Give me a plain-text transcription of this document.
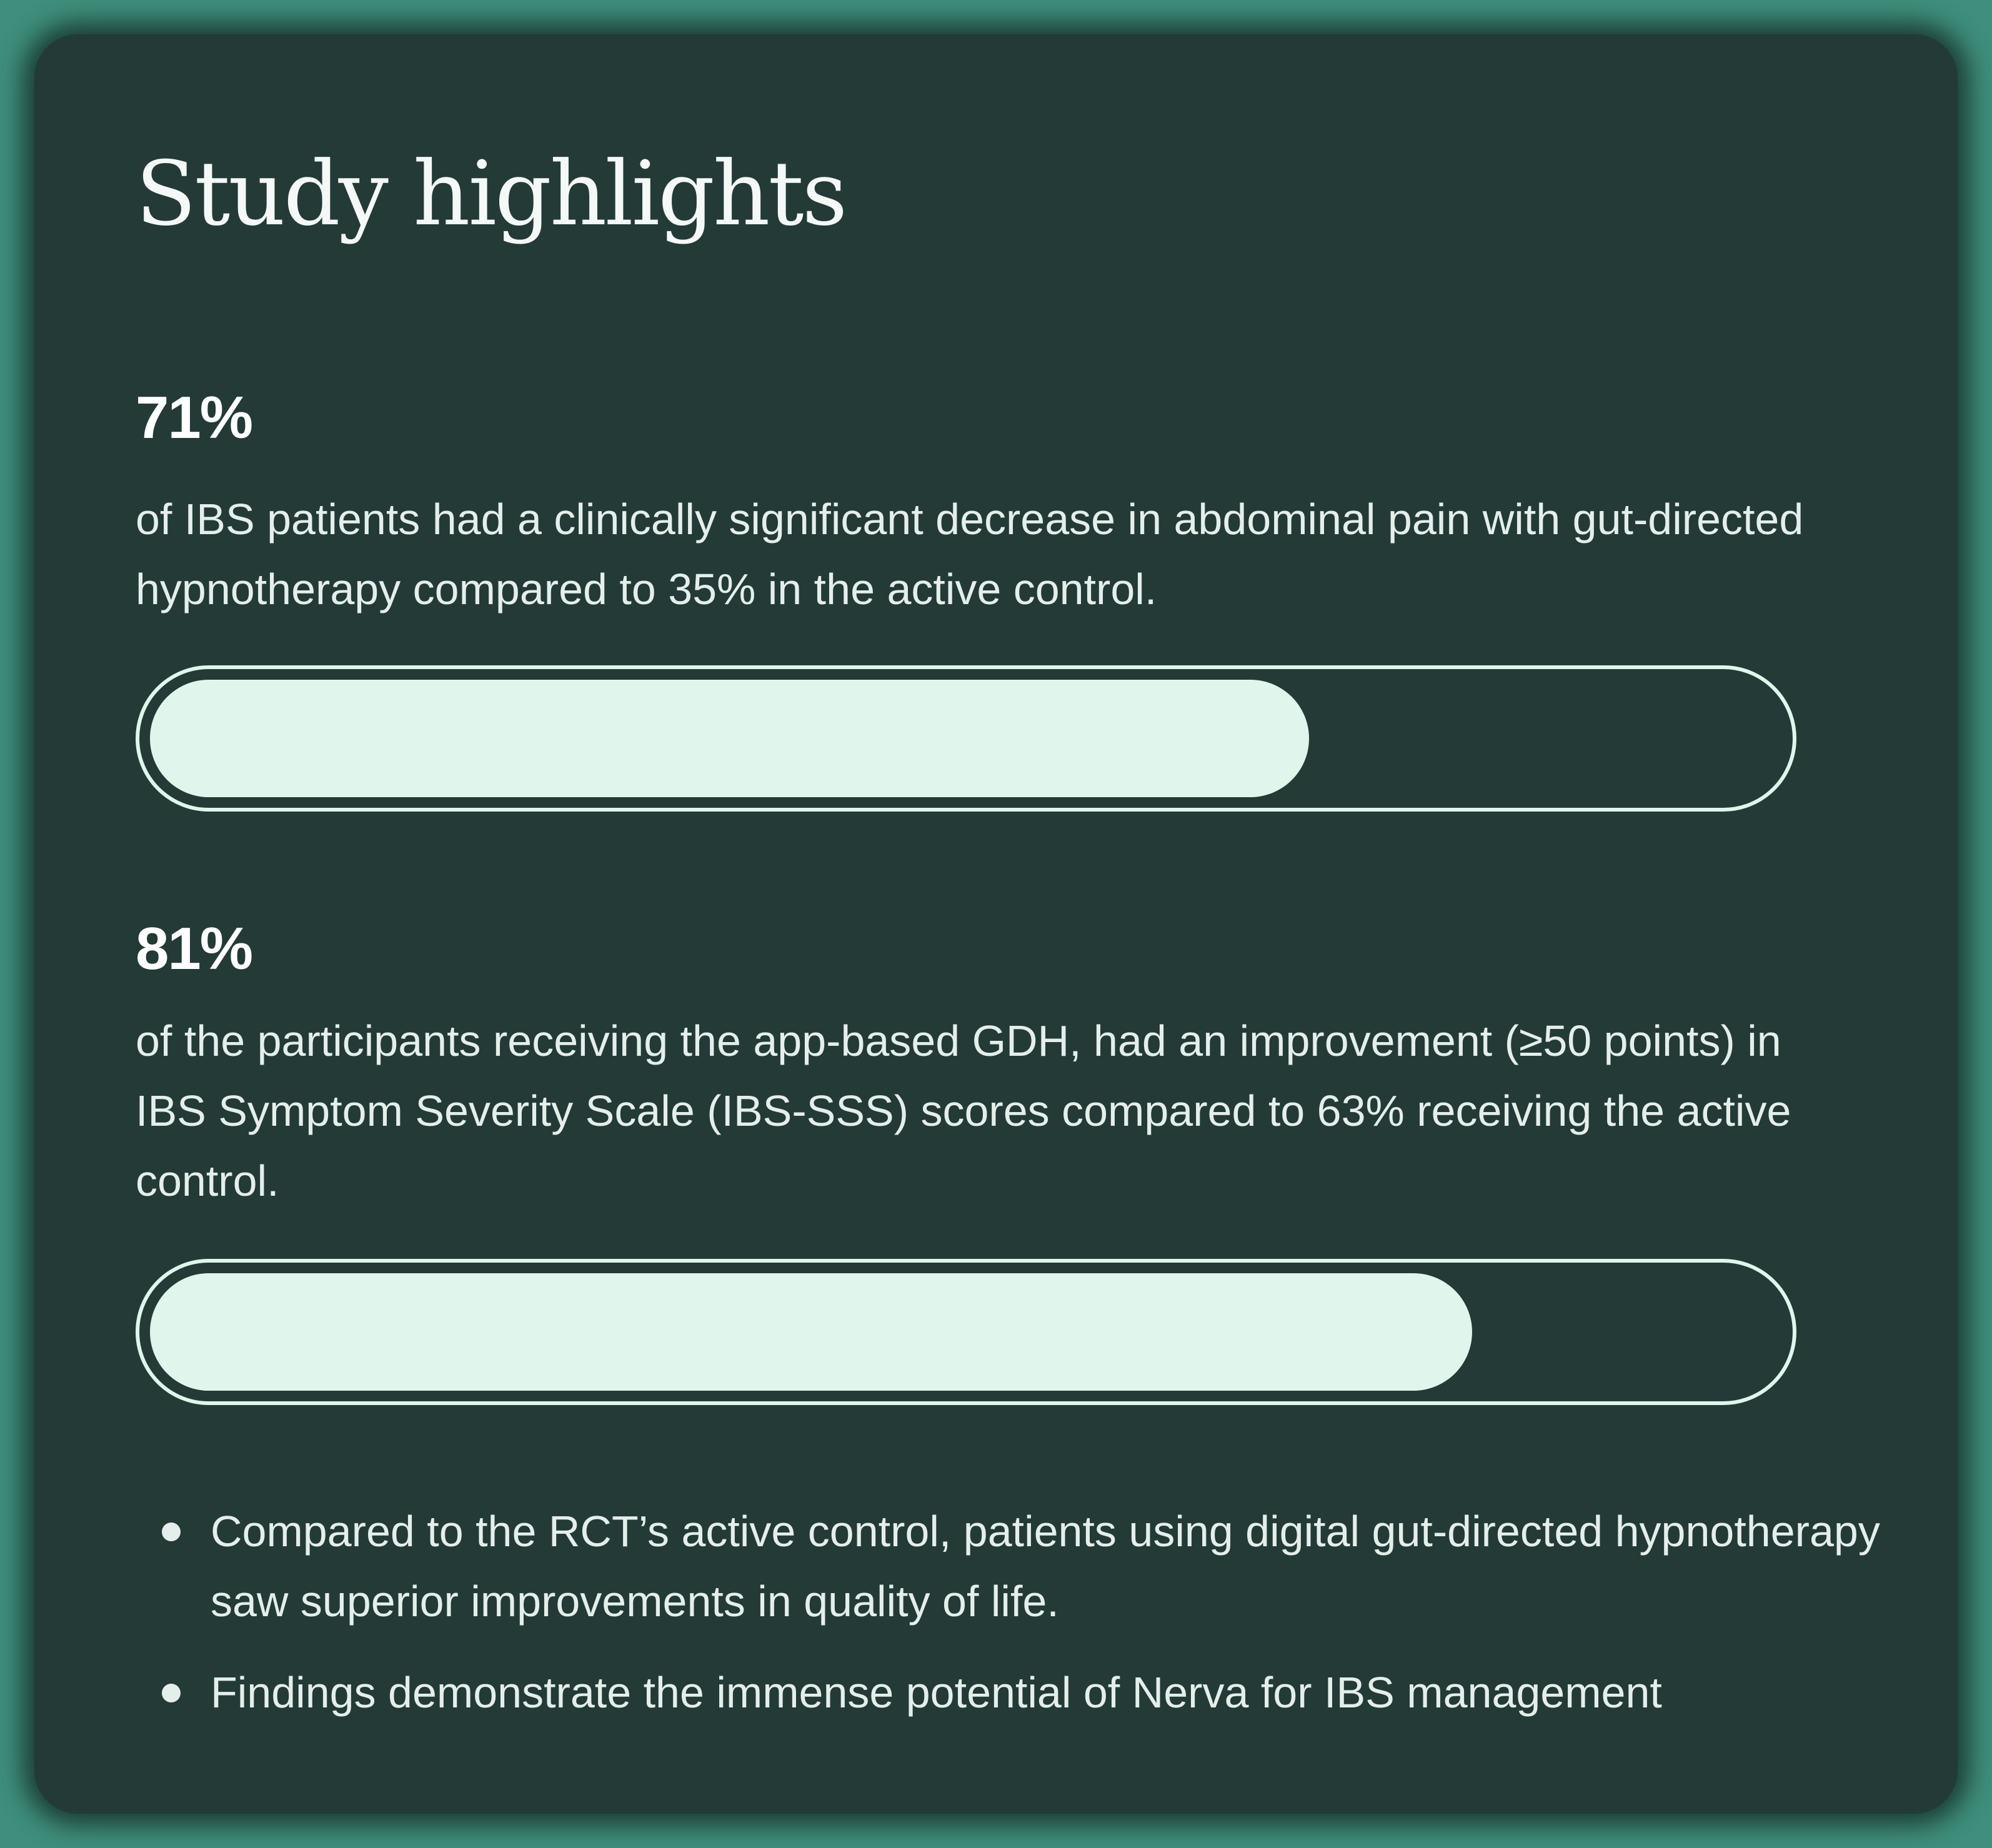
Study highlights
71%

of IBS patients had a clinically significant decrease in abdominal pain with gut-directed hypnotherapy compared to 35% in the active control.

81%

of the participants receiving the app-based GDH, had an improvement (≥50 points) in IBS Symptom Severity Scale (IBS-SSS) scores compared to 63% receiving the active control.

Compared to the RCT’s active control, patients using digital gut-directed hypnotherapy saw superior improvements in quality of life.
Findings demonstrate the immense potential of Nerva for IBS management
